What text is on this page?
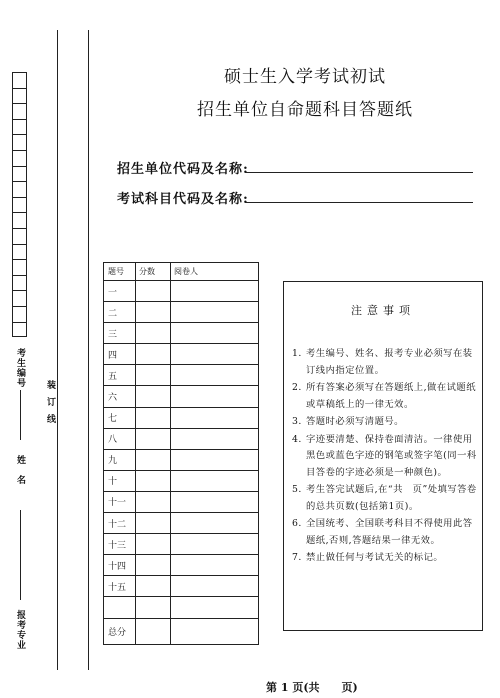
考生编号
姓　名
报考专业
装订线
硕士生入学考试初试
招生单位自命题科目答题纸
招生单位代码及名称:
考试科目代码及名称:
题号	分数	阅卷人
一		
二		
三		
四		
五		
六		
七		
八		
九		
十		
十一		
十二		
十三		
十四		
十五		

总分		
注意事项
1. 考生编号、姓名、报考专业必须写在装订线内指定位置。
2. 所有答案必须写在答题纸上,做在试题纸或草稿纸上的一律无效。
3. 答题时必须写清题号。
4. 字迹要清楚、保持卷面清洁。一律使用黑色或蓝色字迹的钢笔或签字笔(同一科目答卷的字迹必须是一种颜色)。
5. 考生答完试题后,在“共　页”处填写答卷的总共页数(包括第1页)。
6. 全国统考、全国联考科目不得使用此答题纸,否则,答题结果一律无效。
7. 禁止做任何与考试无关的标记。
第 1 页(共　　页)
